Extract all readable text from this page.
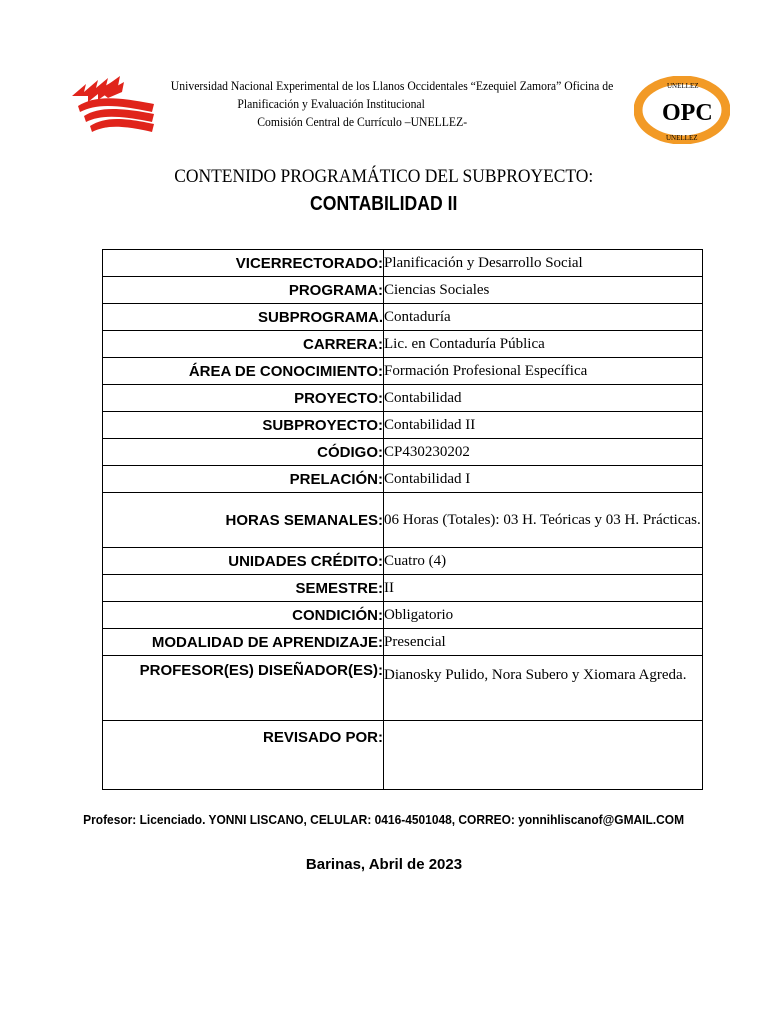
Universidad Nacional Experimental de los Llanos Occidentales “Ezequiel Zamora” Oficina de
Planificación y Evaluación Institucional
Comisión Central de Currículo –UNELLEZ-
UNELLEZ
UNELLEZ
OPC
CONTENIDO PROGRAMÁTICO DEL SUBPROYECTO:
CONTABILIDAD II
VICERRECTORADO:	Planificación y Desarrollo Social
PROGRAMA:	Ciencias Sociales
SUBPROGRAMA.	Contaduría
CARRERA:	Lic. en Contaduría Pública
ÁREA DE CONOCIMIENTO:	Formación Profesional Específica
PROYECTO:	Contabilidad
SUBPROYECTO:	Contabilidad II
CÓDIGO:	CP430230202
PRELACIÓN:	Contabilidad I
HORAS SEMANALES:	06 Horas (Totales): 03 H. Teóricas y 03 H. Prácticas.
UNIDADES CRÉDITO:	Cuatro (4)
SEMESTRE:	II
CONDICIÓN:	Obligatorio
MODALIDAD DE APRENDIZAJE:	Presencial
PROFESOR(ES) DISEÑADOR(ES):	Dianosky Pulido, Nora Subero y Xiomara Agreda.
REVISADO POR:	
Profesor: Licenciado. YONNI LISCANO, CELULAR: 0416-4501048, CORREO: yonnihliscanof@GMAIL.COM
Barinas, Abril de 2023
